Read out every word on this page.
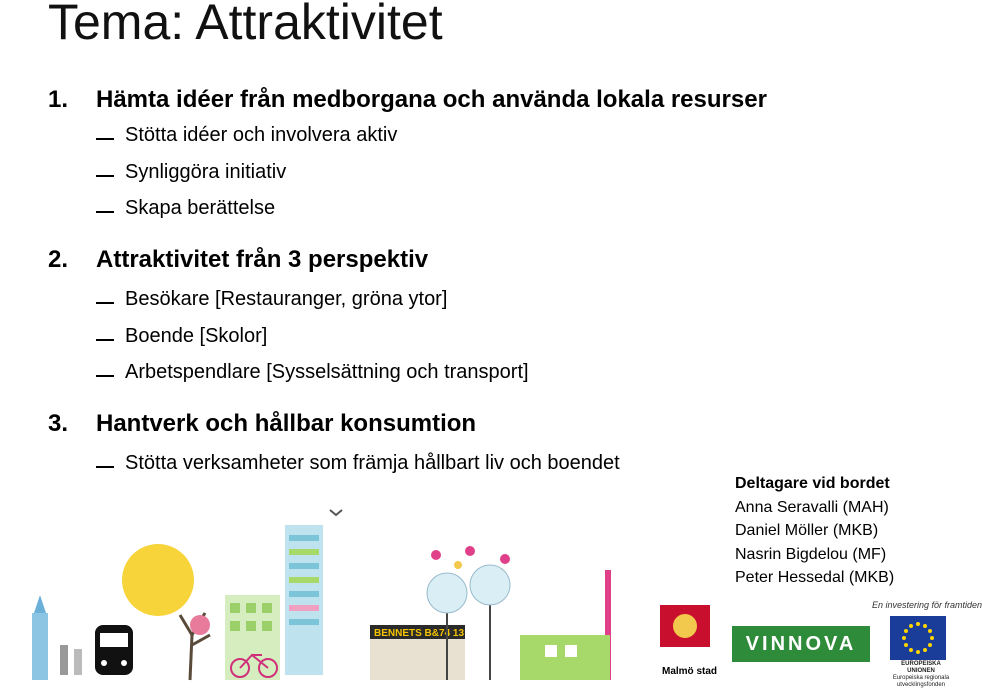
Tema: Attraktivitet
1. Hämta idéer från medborgana och använda lokala resurser
Stötta idéer och involvera aktiv
Synliggöra initiativ
Skapa berättelse
2. Attraktivitet från 3 perspektiv
Besökare [Restauranger, gröna ytor]
Boende [Skolor]
Arbetspendlare [Sysselsättning och transport]
3. Hantverk och hållbar konsumtion
Stötta verksamheter som främja hållbart liv och boendet
Deltagare vid bordet
Anna Seravalli (MAH)
Daniel Möller (MKB)
Nasrin Bigdelou (MF)
Peter Hessedal (MKB)
BENNETS B&74 13
Malmö stad
En investering för framtiden
VINNOVA
EUROPEISKA UNIONEN
Europeiska regionala
utvecklingsfonden
